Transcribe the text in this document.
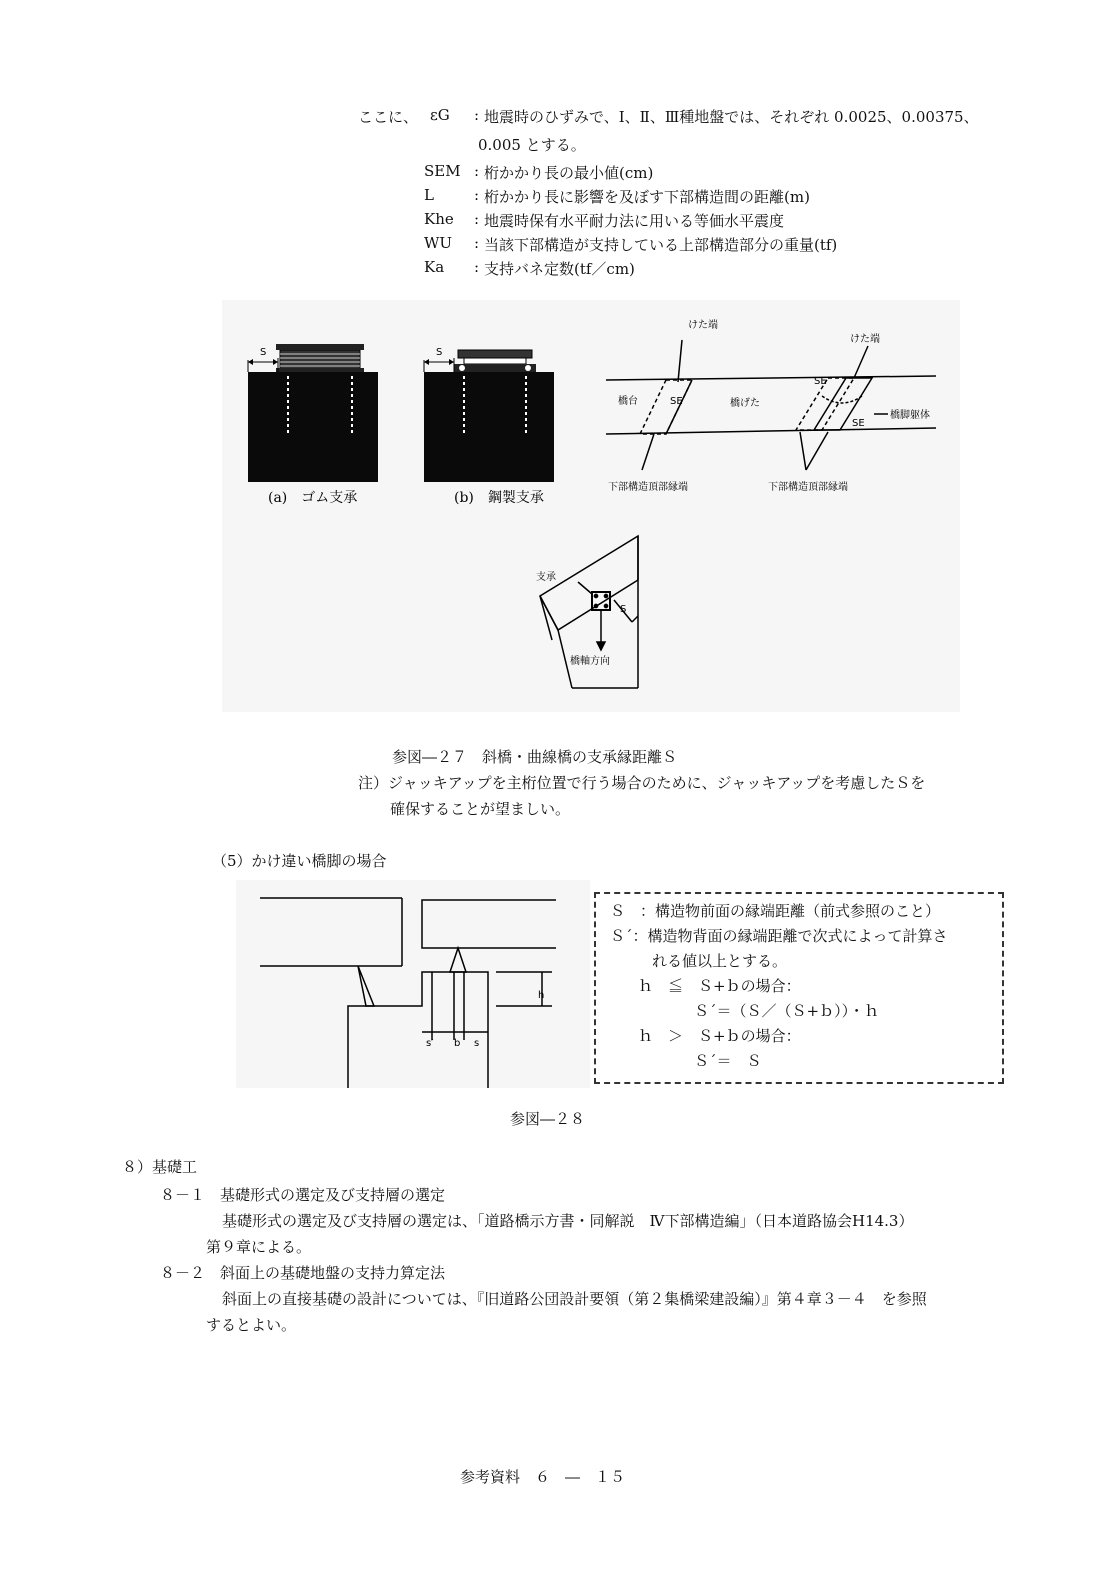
ここに、 εG : 地震時のひずみで、Ⅰ、Ⅱ、Ⅲ種地盤では、それぞれ 0.0025、0.00375、
0.005 とする。
SEM : 桁かかり長の最小値(cm)
L	: 桁かかり長に影響を及ぼす下部構造間の距離(m)
Khe : 地震時保有水平耐力法に用いる等価水平震度
WU : 当該下部構造が支持している上部構造部分の重量(tf)
Ka : 支持バネ定数(tf／cm)
S
(a)　ゴム支承
S
(b)　鋼製支承
けた端
けた端
橋台	橋げた
橋脚躯体
SE
SE
SE
下部構造頂部縁端	下部構造頂部縁端
支承
S
橋軸方向
参図―２７　斜橋・曲線橋の支承縁距離Ｓ
注）ジャッキアップを主桁位置で行う場合のために、ジャッキアップを考慮したＳを
確保することが望ましい。
（5）かけ違い橋脚の場合
h
s′ b s
Ｓ　：構造物前面の縁端距離（前式参照のこと）
Ｓ´：構造物背面の縁端距離で次式によって計算さ
れる値以上とする。
ｈ　≦　Ｓ+ｂの場合：
Ｓ´＝（Ｓ／（Ｓ+ｂ））・ｈ
ｈ　＞　Ｓ+ｂの場合：
Ｓ´＝　Ｓ
参図―２８
８）基礎工
８－１　基礎形式の選定及び支持層の選定
基礎形式の選定及び支持層の選定は、「道路橋示方書・同解説　Ⅳ下部構造編」（日本道路協会H14.3）
第９章による。
８－２　斜面上の基礎地盤の支持力算定法
斜面上の直接基礎の設計については、『旧道路公団設計要領（第２集橋梁建設編）』第４章３－４　を参照
するとよい。
参考資料　６　―　１５
